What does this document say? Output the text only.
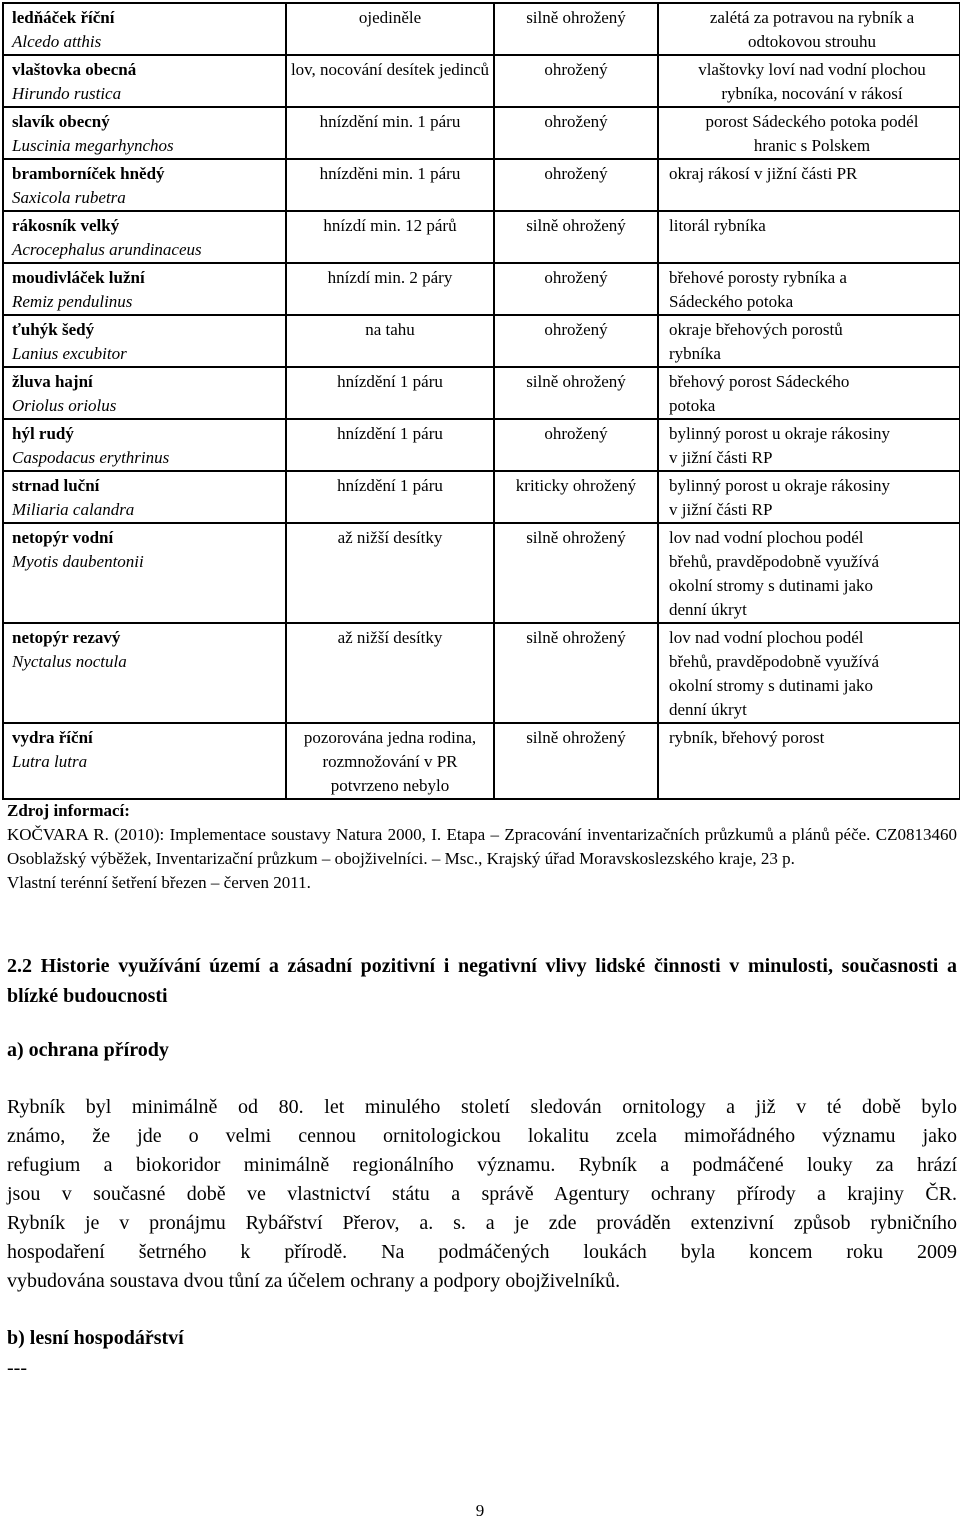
ledňáček říční
Alcedo atthis	ojediněle	silně ohrožený	zalétá za potravou na rybník a
odtokovou strouhu

vlaštovka obecná
Hirundo rustica	lov, nocování desítek jedinců	ohrožený	vlaštovky loví nad vodní plochou
rybníka, nocování v rákosí

slavík obecný
Luscinia megarhynchos	hnízdění min. 1 páru	ohrožený	porost Sádeckého potoka podél
hranic s Polskem

bramborníček hnědý
Saxicola rubetra	hnízděni min. 1 páru	ohrožený	okraj rákosí v jižní části PR

rákosník velký
Acrocephalus arundinaceus	hnízdí min. 12 párů	silně ohrožený	litorál rybníka

moudivláček lužní
Remiz pendulinus	hnízdí min. 2 páry	ohrožený	břehové porosty rybníka a
Sádeckého potoka

ťuhýk šedý
Lanius excubitor	na tahu	ohrožený	okraje břehových porostů
rybníka

žluva hajní
Oriolus oriolus	hnízdění 1 páru	silně ohrožený	břehový porost Sádeckého
potoka

hýl rudý
Caspodacus erythrinus	hnízdění 1 páru	ohrožený	bylinný porost u okraje rákosiny
v jižní části RP

strnad luční
Miliaria calandra	hnízdění 1 páru	kriticky ohrožený	bylinný porost u okraje rákosiny
v jižní části RP

netopýr vodní
Myotis daubentonii	až nižší desítky	silně ohrožený	lov nad vodní plochou podél
břehů, pravděpodobně využívá
okolní stromy s dutinami jako
denní úkryt

netopýr rezavý
Nyctalus noctula	až nižší desítky	silně ohrožený	lov nad vodní plochou podél
břehů, pravděpodobně využívá
okolní stromy s dutinami jako
denní úkryt

vydra říční
Lutra lutra	pozorována jedna rodina, rozmnožování v PR potvrzeno nebylo	silně ohrožený	rybník, břehový porost
Zdroj informací:
KOČVARA R. (2010): Implementace soustavy Natura 2000, I. Etapa – Zpracování inventarizačních průzkumů a plánů péče. CZ0813460 Osoblažský výběžek, Inventarizační průzkum – obojživelníci. – Msc., Krajský úřad Moravskoslezského kraje, 23 p.
Vlastní terénní šetření březen – červen 2011.
2.2 Historie využívání území a zásadní pozitivní i negativní vlivy lidské činnosti v minulosti, současnosti a blízké budoucnosti
a) ochrana přírody
Rybník byl minimálně od 80. let minulého století sledován ornitology a již v té době bylo
známo, že jde o velmi cennou ornitologickou lokalitu zcela mimořádného významu jako
refugium a biokoridor minimálně regionálního významu. Rybník a podmáčené louky za hrází
jsou v současné době ve vlastnictví státu a správě Agentury ochrany přírody a krajiny ČR.
Rybník je v pronájmu Rybářství Přerov, a. s. a je zde prováděn extenzivní způsob rybničního
hospodaření šetrného k přírodě. Na podmáčených loukách byla koncem roku 2009
vybudována soustava dvou tůní za účelem ochrany a podpory obojživelníků.
b) lesní hospodářství
---
9
